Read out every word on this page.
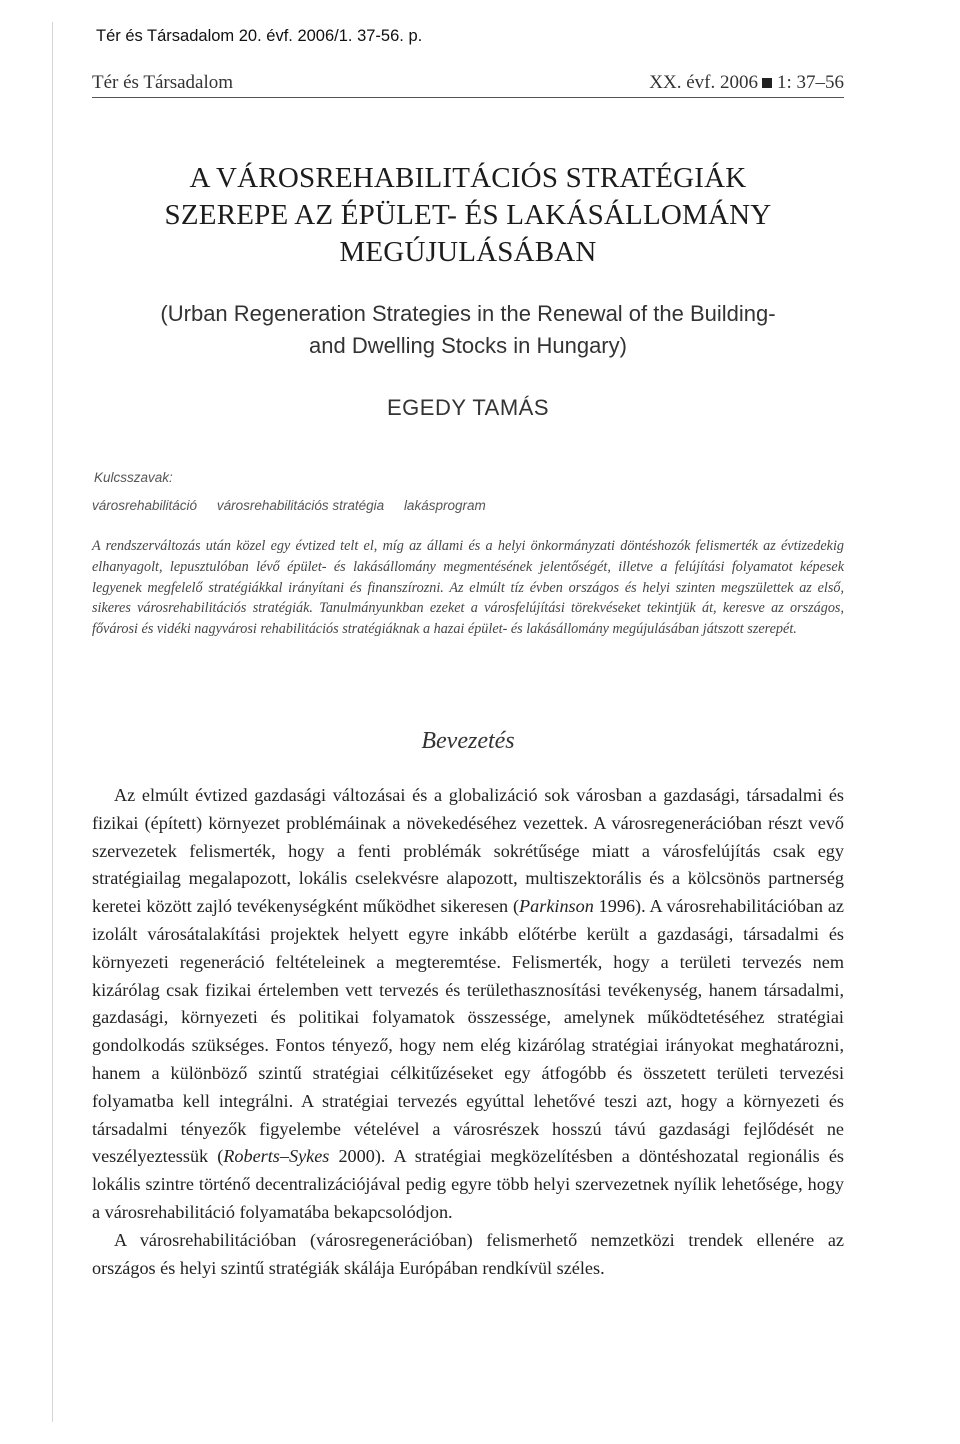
Tér és Társadalom 20. évf. 2006/1. 37-56. p.
Tér és Társadalom	XX. évf. 2006 1: 37–56
A VÁROSREHABILITÁCIÓS STRATÉGIÁK
SZEREPE AZ ÉPÜLET- ÉS LAKÁSÁLLOMÁNY
MEGÚJULÁSÁBAN

(Urban Regeneration Strategies in the Renewal of the Building-
and Dwelling Stocks in Hungary)

EGEDY TAMÁS
Kulcsszavak:
városrehabilitáció városrehabilitációs stratégia lakásprogram

A rendszerváltozás után közel egy évtized telt el, míg az állami és a helyi önkormányzati döntéshozók felismerték az évtizedekig elhanyagolt, lepusztulóban lévő épület- és lakásállomány megmentésének jelentőségét, illetve a felújítási folyamatot képesek legyenek megfelelő stratégiákkal irányítani és finanszírozni. Az elmúlt tíz évben országos és helyi szinten megszülettek az első, sikeres városrehabilitációs stratégiák. Tanulmányunkban ezeket a városfelújítási törekvéseket tekintjük át, keresve az országos, fővárosi és vidéki nagyvárosi rehabilitációs stratégiáknak a hazai épület- és lakásállomány megújulásában játszott szerepét.

Bevezetés

Az elmúlt évtized gazdasági változásai és a globalizáció sok városban a gazdasági, társadalmi és fizikai (épített) környezet problémáinak a növekedéséhez vezettek. A városregenerációban részt vevő szervezetek felismerték, hogy a fenti problémák sokrétűsége miatt a városfelújítás csak egy stratégiailag megalapozott, lokális cselekvésre alapozott, multiszektorális és a kölcsönös partnerség keretei között zajló tevékenységként működhet sikeresen (Parkinson 1996). A városrehabilitációban az izolált városátalakítási projektek helyett egyre inkább előtérbe került a gazdasági, társadalmi és környezeti regeneráció feltételeinek a megteremtése. Felismerték, hogy a területi tervezés nem kizárólag csak fizikai értelemben vett tervezés és területhasznosítási tevékenység, hanem társadalmi, gazdasági, környezeti és politikai folyamatok összessége, amelynek működtetéséhez stratégiai gondolkodás szükséges. Fontos tényező, hogy nem elég kizárólag stratégiai irányokat meghatározni, hanem a különböző szintű stratégiai célkitűzéseket egy átfogóbb és összetett területi tervezési folyamatba kell integrálni. A stratégiai tervezés egyúttal lehetővé teszi azt, hogy a környezeti és társadalmi tényezők figyelembe vételével a városrészek hosszú távú gazdasági fejlődését ne veszélyeztessük (Roberts–Sykes 2000). A stratégiai megközelítésben a döntéshozatal regionális és lokális szintre történő decentralizációjával pedig egyre több helyi szervezetnek nyílik lehetősége, hogy a városrehabilitáció folyamatába bekapcsolódjon.

A városrehabilitációban (városregenerációban) felismerhető nemzetközi trendek ellenére az országos és helyi szintű stratégiák skálája Európában rendkívül széles.
